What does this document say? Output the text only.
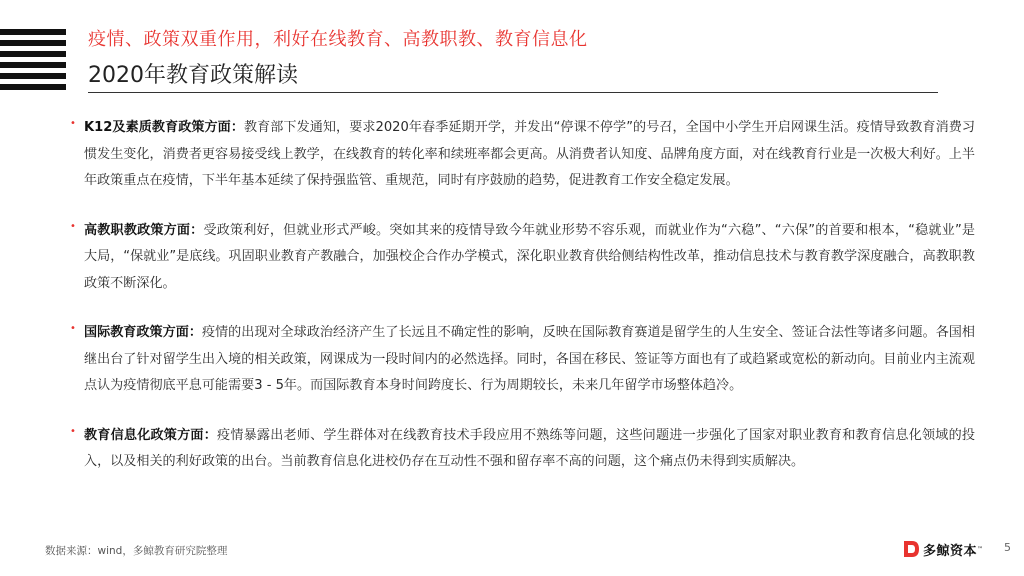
疫情、政策双重作用，利好在线教育、高教职教、教育信息化
2020年教育政策解读
• K12及素质教育政策方面：教育部下发通知，要求2020年春季延期开学，并发出“停课不停学”的号召，全国中小学生开启网课生活。疫情导致教育消费习惯发生变化，消费者更容易接受线上教学，在线教育的转化率和续班率都会更高。从消费者认知度、品牌角度方面，对在线教育行业是一次极大利好。上半年政策重点在疫情，下半年基本延续了保持强监管、重规范，同时有序鼓励的趋势，促进教育工作安全稳定发展。

• 高教职教政策方面：受政策利好，但就业形式严峻。突如其来的疫情导致今年就业形势不容乐观，而就业作为“六稳”、“六保”的首要和根本，“稳就业”是大局，“保就业”是底线。巩固职业教育产教融合，加强校企合作办学模式，深化职业教育供给侧结构性改革，推动信息技术与教育教学深度融合，高教职教政策不断深化。

• 国际教育政策方面：疫情的出现对全球政治经济产生了长远且不确定性的影响，反映在国际教育赛道是留学生的人生安全、签证合法性等诸多问题。各国相继出台了针对留学生出入境的相关政策，网课成为一段时间内的必然选择。同时，各国在移民、签证等方面也有了或趋紧或宽松的新动向。目前业内主流观点认为疫情彻底平息可能需要3 - 5年。而国际教育本身时间跨度长、行为周期较长，未来几年留学市场整体趋冷。

• 教育信息化政策方面：疫情暴露出老师、学生群体对在线教育技术手段应用不熟练等问题，这些问题进一步强化了国家对职业教育和教育信息化领域的投入，以及相关的利好政策的出台。当前教育信息化进校仍存在互动性不强和留存率不高的问题，这个痛点仍未得到实质解决。

数据来源：wind，多鲸教育研究院整理	多鲸资本 ™ 5
